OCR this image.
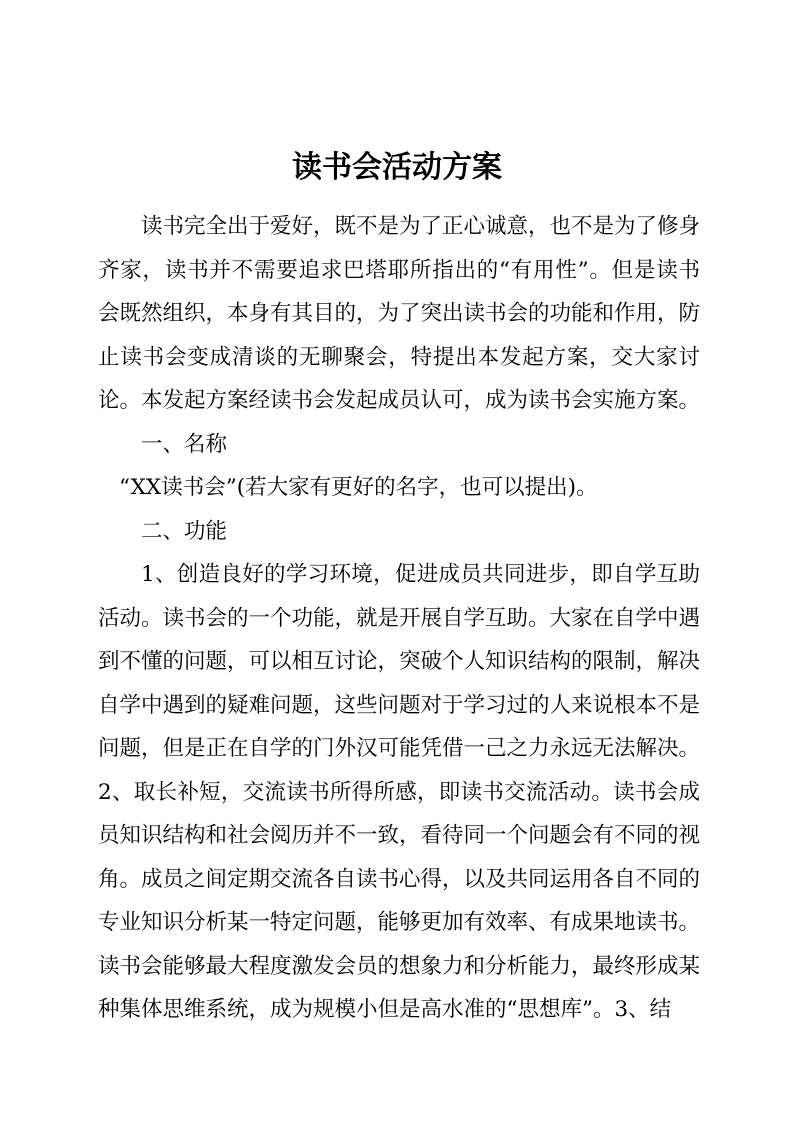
读书会活动方案

读书完全出于爱好，既不是为了正心诚意，也不是为了修身齐家，读书并不需要追求巴塔耶所指出的“有用性”。但是读书会既然组织，本身有其目的，为了突出读书会的功能和作用，防止读书会变成清谈的无聊聚会，特提出本发起方案，交大家讨论。本发起方案经读书会发起成员认可，成为读书会实施方案。

一、名称

“XX读书会”(若大家有更好的名字，也可以提出)。

二、功能

1、创造良好的学习环境，促进成员共同进步，即自学互助活动。读书会的一个功能，就是开展自学互助。大家在自学中遇到不懂的问题，可以相互讨论，突破个人知识结构的限制，解决自学中遇到的疑难问题，这些问题对于学习过的人来说根本不是问题，但是正在自学的门外汉可能凭借一己之力永远无法解决。

2、取长补短，交流读书所得所感，即读书交流活动。读书会成员知识结构和社会阅历并不一致，看待同一个问题会有不同的视角。成员之间定期交流各自读书心得，以及共同运用各自不同的专业知识分析某一特定问题，能够更加有效率、有成果地读书。 读书会能够最大程度激发会员的想象力和分析能力，最终形成某种集体思维系统，成为规模小但是高水准的“思想库”。3、结
